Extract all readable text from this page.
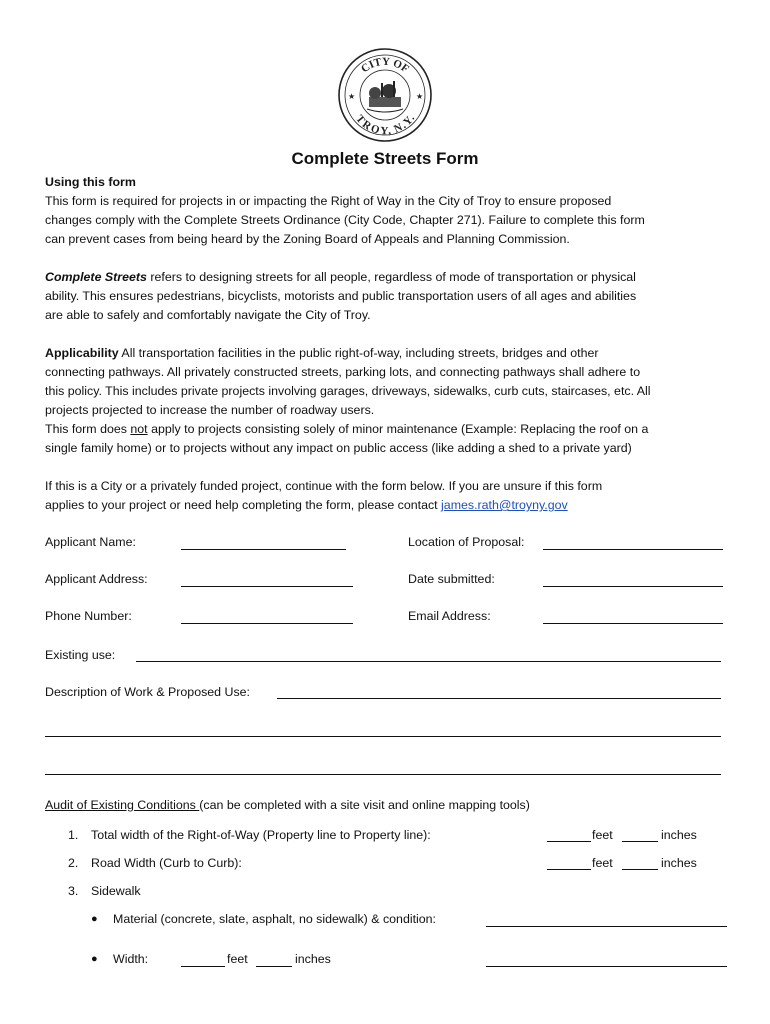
CITY OF
TROY, N.Y.
★	★
Complete Streets Form

Using this form

This form is required for projects in or impacting the Right of Way in the City of Troy to ensure proposed

changes comply with the Complete Streets Ordinance (City Code, Chapter 271). Failure to complete this form

can prevent cases from being heard by the Zoning Board of Appeals and Planning Commission.

Complete Streets refers to designing streets for all people, regardless of mode of transportation or physical

ability. This ensures pedestrians, bicyclists, motorists and public transportation users of all ages and abilities

are able to safely and comfortably navigate the City of Troy.

Applicability All transportation facilities in the public right-of-way, including streets, bridges and other

connecting pathways. All privately constructed streets, parking lots, and connecting pathways shall adhere to

this policy. This includes private projects involving garages, driveways, sidewalks, curb cuts, staircases, etc. All

projects projected to increase the number of roadway users.

This form does not apply to projects consisting solely of minor maintenance (Example: Replacing the roof on a

single family home) or to projects without any impact on public access (like adding a shed to a private yard)

If this is a City or a privately funded project, continue with the form below. If you are unsure if this form

applies to your project or need help completing the form, please contact james.rath@troyny.gov

Applicant Name:	Location of Proposal:
Applicant Address:	Date submitted:
Phone Number:	Email Address:
Existing use:
Description of Work & Proposed Use:
Audit of Existing Conditions (can be completed with a site visit and online mapping tools)
1. Total width of the Right-of-Way (Property line to Property line):	feet	inches
2. Road Width (Curb to Curb):	feet	inches
3. Sidewalk
● Material (concrete, slate, asphalt, no sidewalk) & condition:
● Width:	feet	inches
